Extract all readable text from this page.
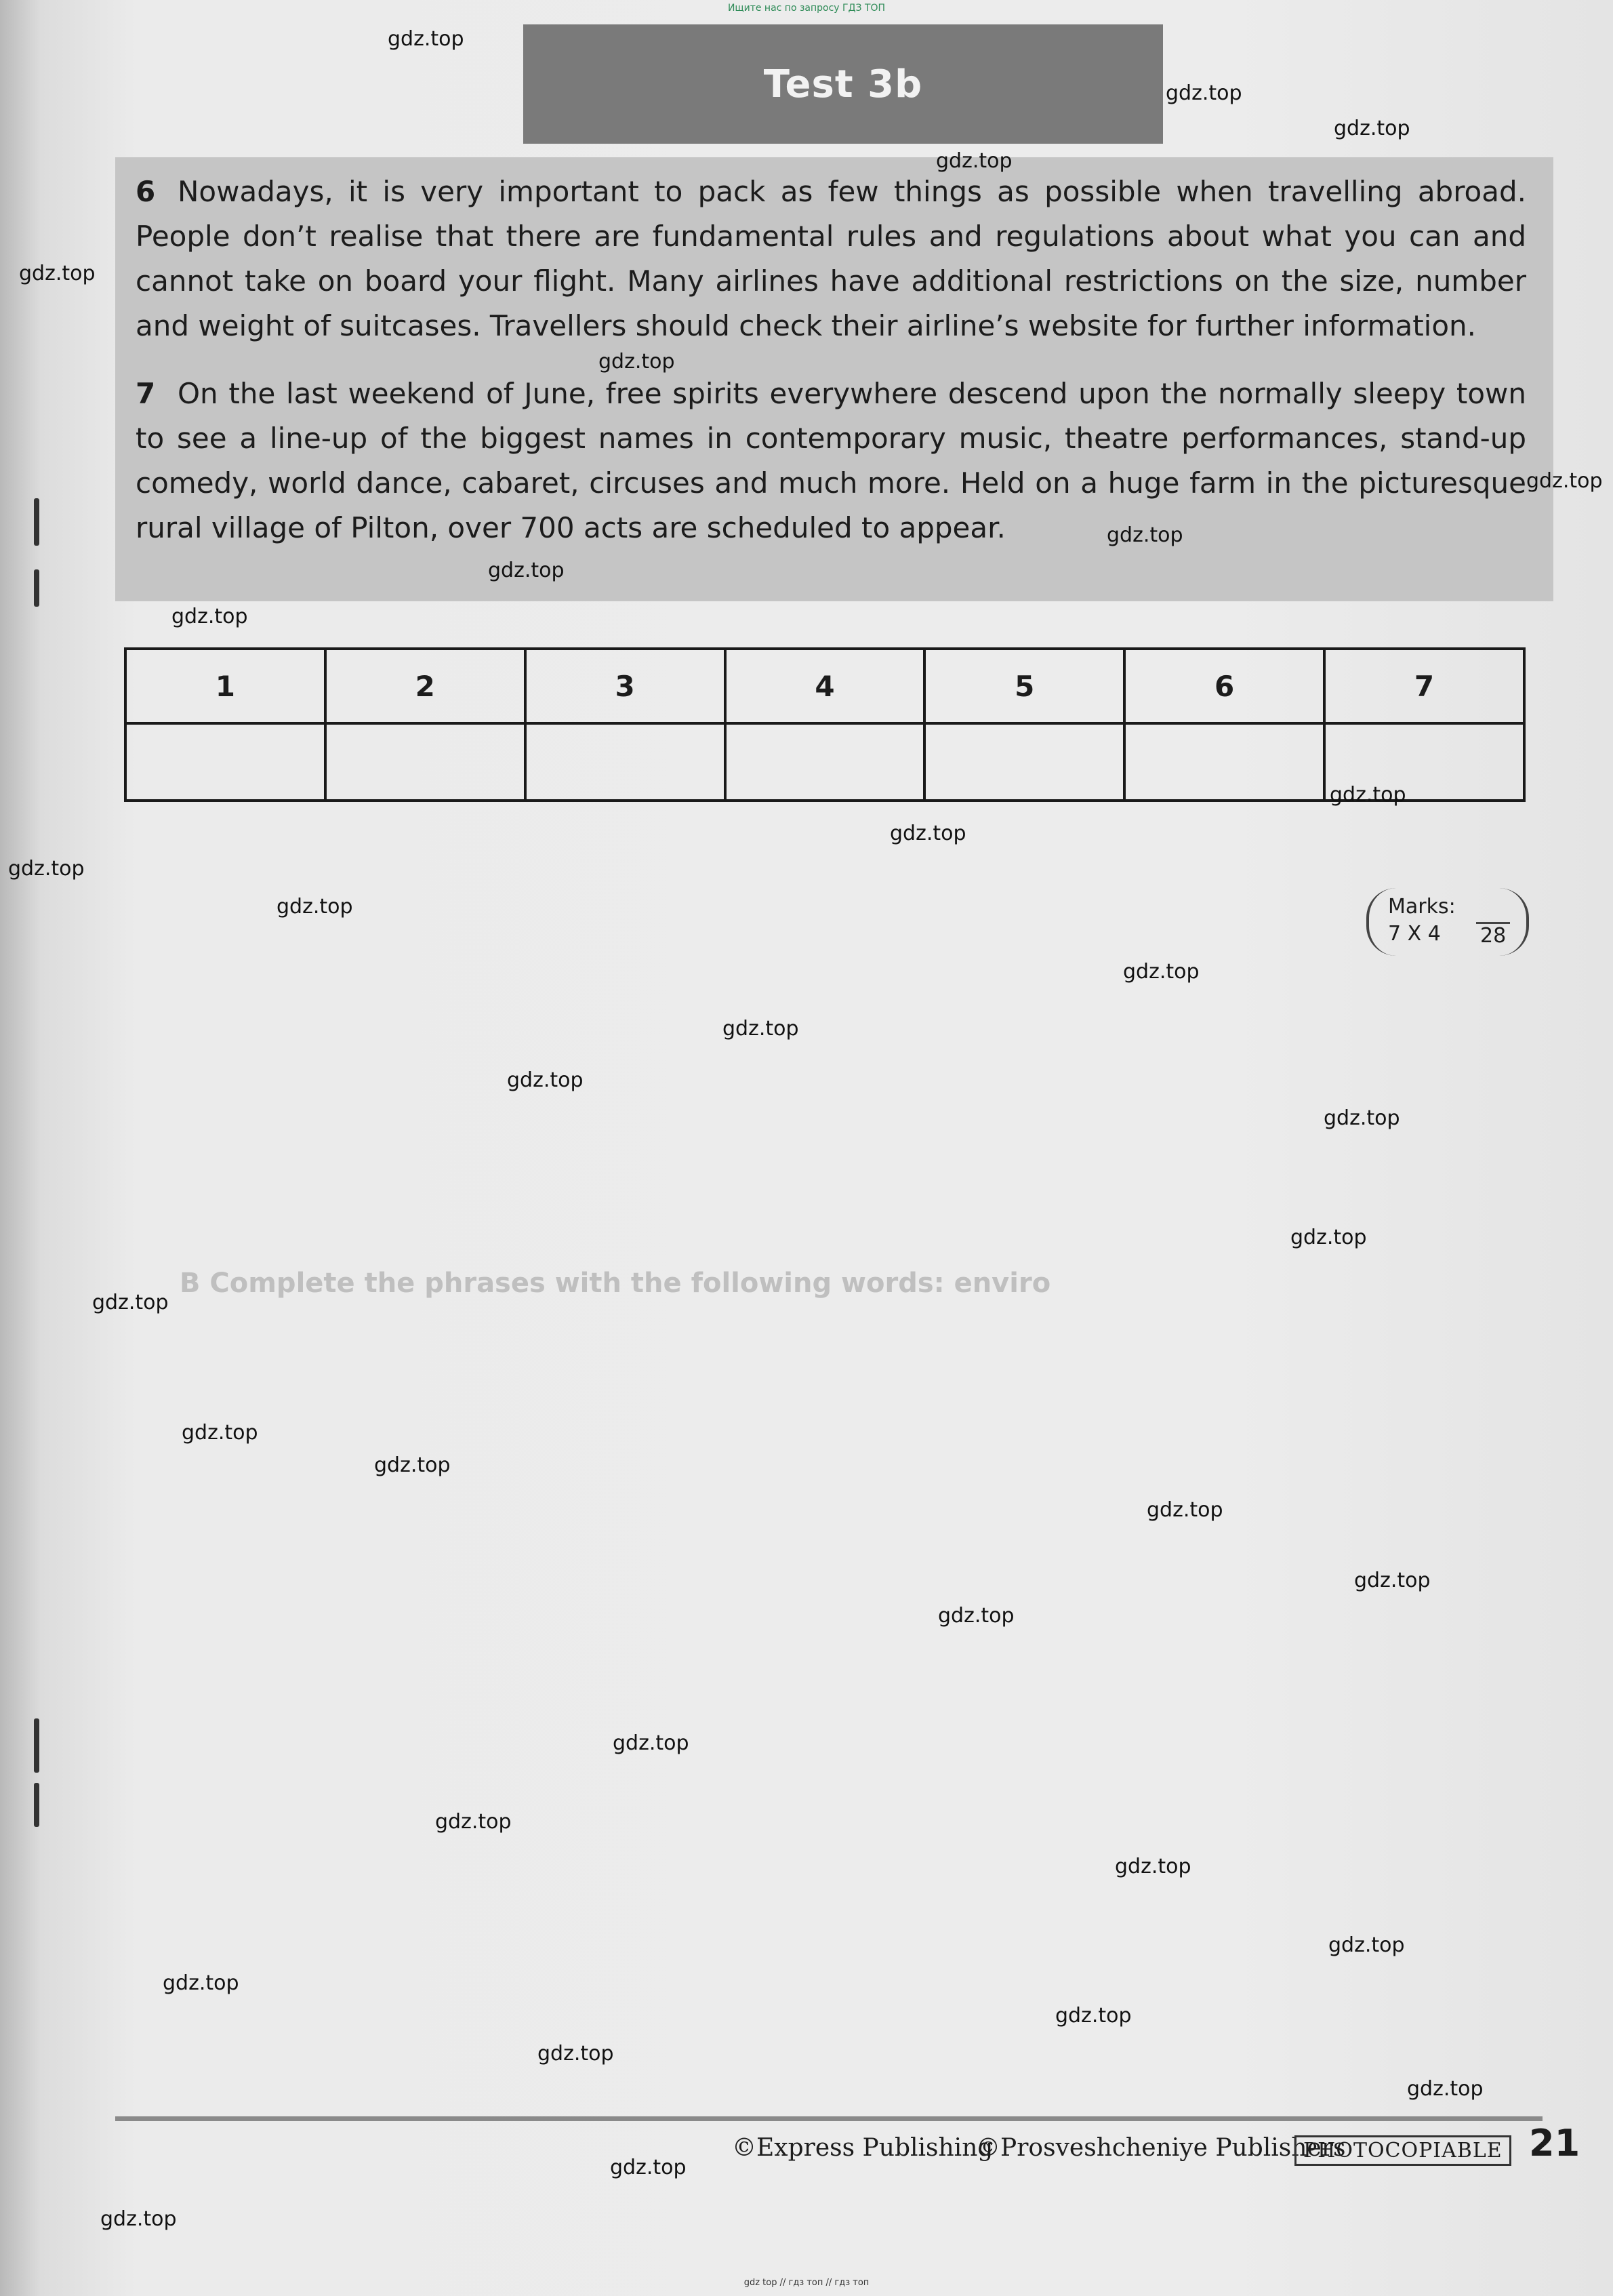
Ищите нас по запросу ГДЗ ТОП
Test 3b
6 Nowadays, it is very important to pack as few things as possible when travelling abroad. People don’t realise that there are fundamental rules and regulations about what you can and cannot take on board your flight. Many airlines have additional restrictions on the size, number and weight of suitcases. Travellers should check their airline’s website for further information.
7 On the last weekend of June, free spirits everywhere descend upon the normally sleepy town to see a line-up of the biggest names in contemporary music, theatre performances, stand-up comedy, world dance, cabaret, circuses and much more. Held on a huge farm in the picturesque rural village of Pilton, over 700 acts are scheduled to appear.
1	2	3	4	5	6	7

Marks:
7 X 4 28
B Complete the phrases with the following words: enviro
©Express Publishing
©Prosveshcheniye Publishers
PHOTOCOPIABLE 21
gdz.top
gdz.top
gdz.top
gdz.top
gdz.top
gdz.top
gdz.top
gdz.top
gdz.top
gdz.top
gdz.top
gdz.top
gdz.top
gdz.top
gdz.top
gdz.top
gdz.top
gdz.top
gdz.top
gdz.top
gdz.top
gdz.top
gdz.top
gdz.top
gdz.top
gdz.top
gdz.top
gdz.top
gdz.top
gdz.top
gdz.top
gdz.top
gdz.top
gdz.top
gdz.top
gdz top // гдз топ // гдз топ
